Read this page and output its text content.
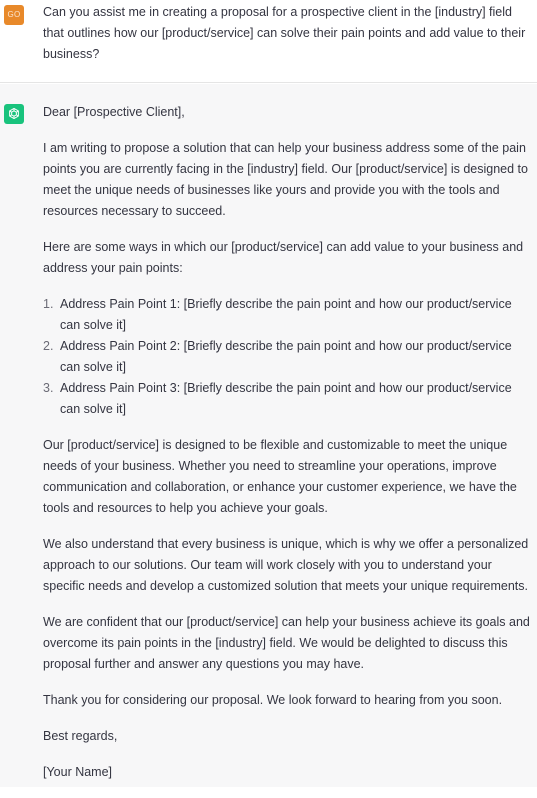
GO Can you assist me in creating a proposal for a prospective client in the [industry] field that outlines how our [product/service] can solve their pain points and add value to their business?

Dear [Prospective Client],

I am writing to propose a solution that can help your business address some of the pain points you are currently facing in the [industry] field. Our [product/service] is designed to meet the unique needs of businesses like yours and provide you with the tools and resources necessary to succeed.

Here are some ways in which our [product/service] can add value to your business and address your pain points:

1. Address Pain Point 1: [Briefly describe the pain point and how our product/service can solve it]
2. Address Pain Point 2: [Briefly describe the pain point and how our product/service can solve it]
3. Address Pain Point 3: [Briefly describe the pain point and how our product/service can solve it]

Our [product/service] is designed to be flexible and customizable to meet the unique needs of your business. Whether you need to streamline your operations, improve communication and collaboration, or enhance your customer experience, we have the tools and resources to help you achieve your goals.

We also understand that every business is unique, which is why we offer a personalized approach to our solutions. Our team will work closely with you to understand your specific needs and develop a customized solution that meets your unique requirements.

We are confident that our [product/service] can help your business achieve its goals and overcome its pain points in the [industry] field. We would be delighted to discuss this proposal further and answer any questions you may have.

Thank you for considering our proposal. We look forward to hearing from you soon.

Best regards,

[Your Name]
